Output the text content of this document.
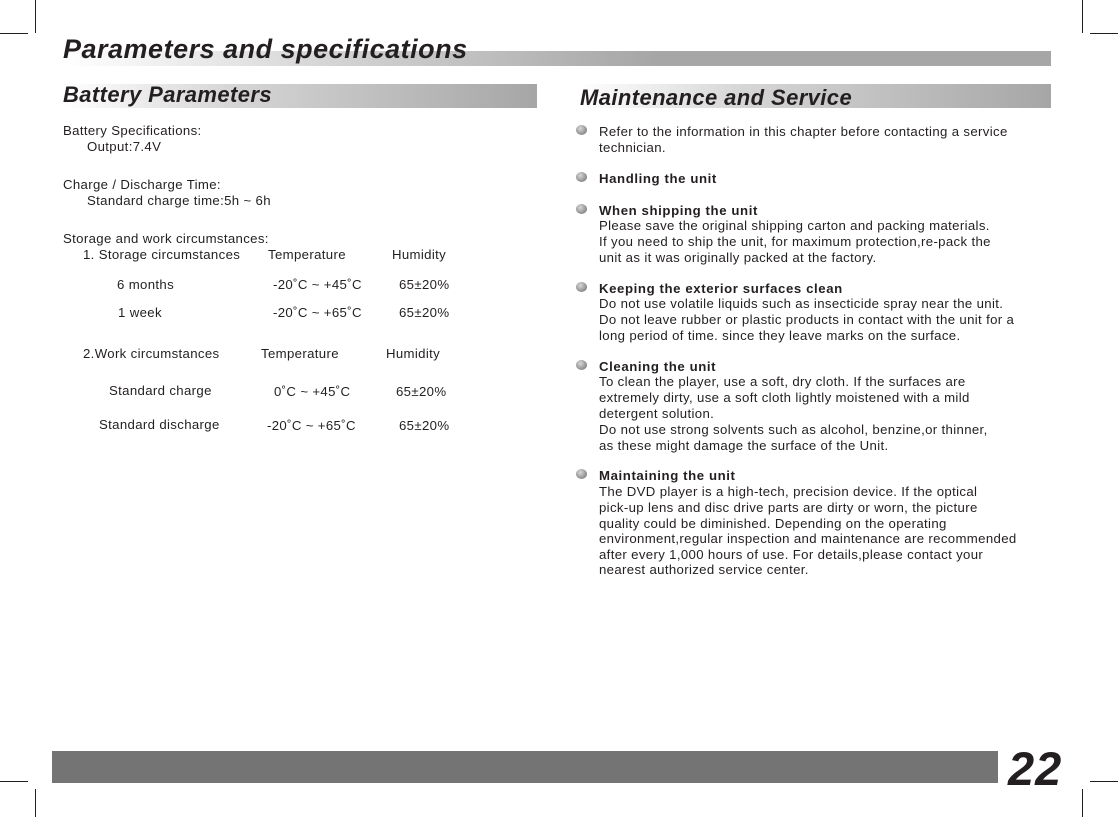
Parameters and specifications
Battery Parameters
Battery Specifications:
Output:7.4V
Charge / Discharge Time:
Standard charge time:5h ~ 6h
Storage and work circumstances:
1. Storage circumstances Temperature	Humidity
6 months	-20˚C ~ +45˚C	65±20%
1 week	-20˚C ~ +65˚C	65±20%
2.Work circumstances	Temperature	Humidity
Standard charge	0˚C ~ +45˚C	65±20%
Standard discharge	-20˚C ~ +65˚C	65±20%
Maintenance and Service
Refer to the information in this chapter before contacting a service
technician.
Handling the unit
When shipping the unit
Please save the original shipping carton and packing materials.
If you need to ship the unit, for maximum protection,re-pack the
unit as it was originally packed at the factory.
Keeping the exterior surfaces clean
Do not use volatile liquids such as insecticide spray near the unit.
Do not leave rubber or plastic products in contact with the unit for a
long period of time. since they leave marks on the surface.
Cleaning the unit
To clean the player, use a soft, dry cloth. If the surfaces are
extremely dirty, use a soft cloth lightly moistened with a mild
detergent solution.
Do not use strong solvents such as alcohol, benzine,or thinner,
as these might damage the surface of the Unit.
Maintaining the unit
The DVD player is a high-tech, precision device. If the optical
pick-up lens and disc drive parts are dirty or worn, the picture
quality could be diminished. Depending on the operating
environment,regular inspection and maintenance are recommended
after every 1,000 hours of use. For details,please contact your
nearest authorized service center.
22
